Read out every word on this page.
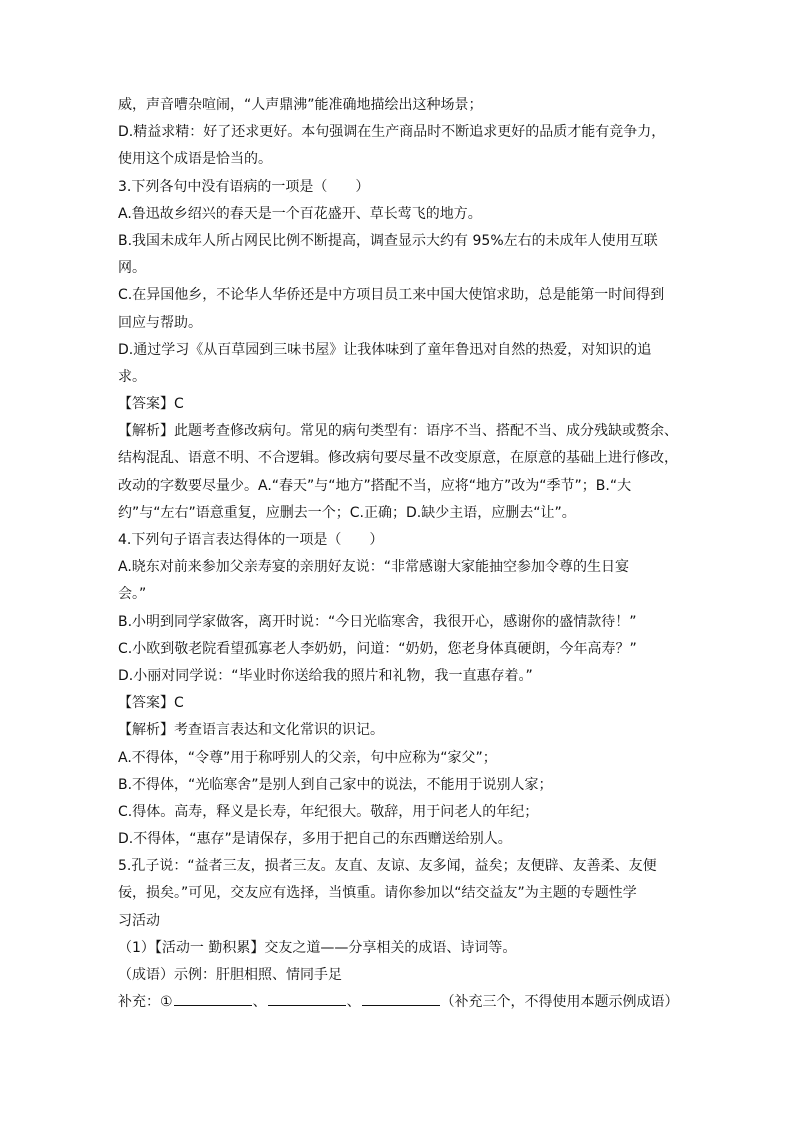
威，声音嘈杂喧闹，“人声鼎沸”能准确地描绘出这种场景；
D.精益求精：好了还求更好。本句强调在生产商品时不断追求更好的品质才能有竞争力，
使用这个成语是恰当的。
3.下列各句中没有语病的一项是（　　）
A.鲁迅故乡绍兴的春天是一个百花盛开、草长莺飞的地方。
B.我国未成年人所占网民比例不断提高，调查显示大约有 95%左右的未成年人使用互联
网。
C.在异国他乡，不论华人华侨还是中方项目员工来中国大使馆求助，总是能第一时间得到
回应与帮助。
D.通过学习《从百草园到三味书屋》让我体味到了童年鲁迅对自然的热爱，对知识的追
求。
【答案】C
【解析】此题考查修改病句。常见的病句类型有：语序不当、搭配不当、成分残缺或赘余、
结构混乱、语意不明、不合逻辑。修改病句要尽量不改变原意，在原意的基础上进行修改，
改动的字数要尽量少。A.“春天”与“地方”搭配不当，应将“地方”改为“季节”；B.“大
约”与“左右”语意重复，应删去一个；C.正确；D.缺少主语，应删去“让”。
4.下列句子语言表达得体的一项是（　　）
A.晓东对前来参加父亲寿宴的亲朋好友说：“非常感谢大家能抽空参加令尊的生日宴
会。”
B.小明到同学家做客，离开时说：“今日光临寒舍，我很开心，感谢你的盛情款待！”
C.小欧到敬老院看望孤寡老人李奶奶，问道：“奶奶，您老身体真硬朗，今年高寿？”
D.小丽对同学说：“毕业时你送给我的照片和礼物，我一直惠存着。”
【答案】C
【解析】考查语言表达和文化常识的识记。
A.不得体，“令尊”用于称呼别人的父亲，句中应称为“家父”；
B.不得体，“光临寒舍”是别人到自己家中的说法，不能用于说别人家；
C.得体。高寿，释义是长寿，年纪很大。敬辞，用于问老人的年纪；
D.不得体，“惠存”是请保存，多用于把自己的东西赠送给别人。
5.孔子说：“益者三友，损者三友。友直、友谅、友多闻，益矣；友便辟、友善柔、友便
佞，损矣。”可见，交友应有选择，当慎重。请你参加以“结交益友”为主题的专题性学
习活动
（1）【活动一 勤积累】交友之道——分享相关的成语、诗词等。
（成语）示例：肝胆相照、情同手足
补充：①	、	、	（补充三个，不得使用本题示例成语）
